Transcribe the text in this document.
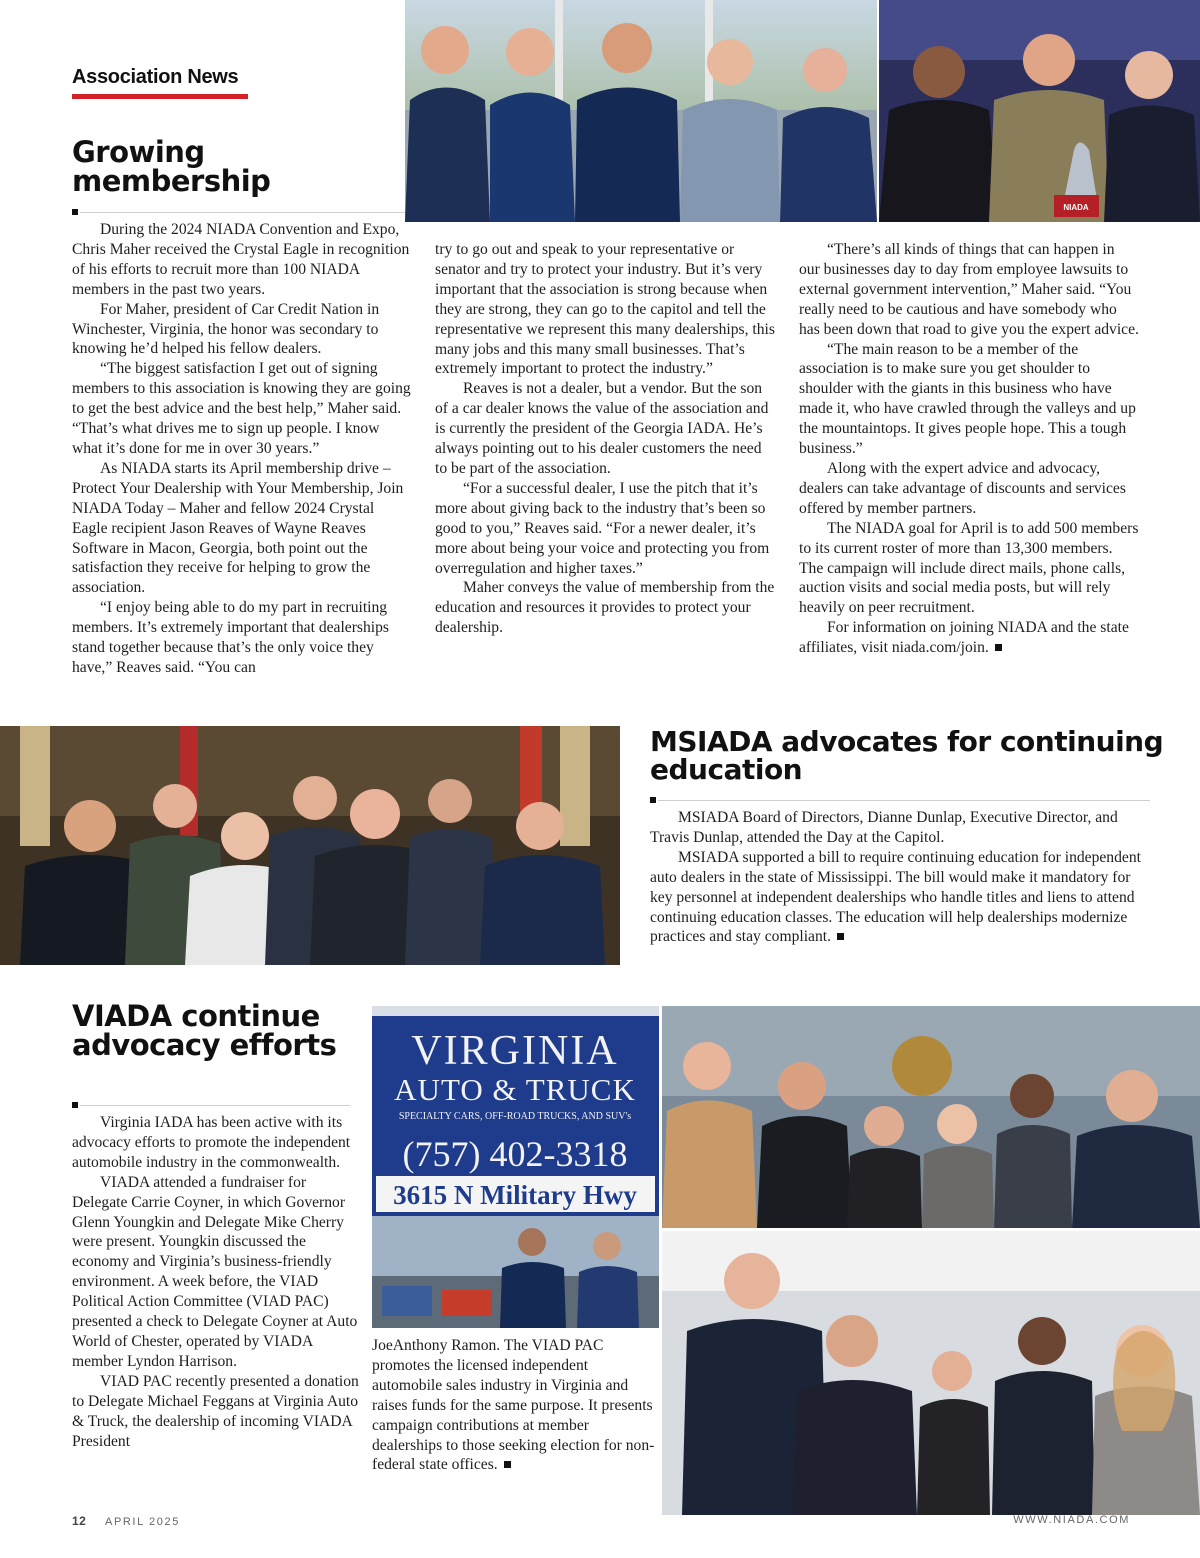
Association News
NIADA
Growing membership

During the 2024 NIADA Convention and Expo, Chris Maher received the Crystal Eagle in recognition of his efforts to recruit more than 100 NIADA members in the past two years.

For Maher, president of Car Credit Nation in Winchester, Virginia, the honor was secondary to knowing he’d helped his fellow dealers.

“The biggest satisfaction I get out of signing members to this association is knowing they are going to get the best advice and the best help,” Maher said. “That’s what drives me to sign up people. I know what it’s done for me in over 30 years.”

As NIADA starts its April membership drive – Protect Your Dealership with Your Membership, Join NIADA Today – Maher and fellow 2024 Crystal Eagle recipient Jason Reaves of Wayne Reaves Software in Macon, Georgia, both point out the satisfaction they receive for helping to grow the association.

“I enjoy being able to do my part in recruiting members. It’s extremely important that dealerships stand together because that’s the only voice they have,” Reaves said. “You can

try to go out and speak to your representative or senator and try to protect your industry. But it’s very important that the association is strong because when they are strong, they can go to the capitol and tell the representative we represent this many dealerships, this many jobs and this many small businesses. That’s extremely important to protect the industry.”

Reaves is not a dealer, but a vendor. But the son of a car dealer knows the value of the association and is currently the president of the Georgia IADA. He’s always pointing out to his dealer customers the need to be part of the association.

“For a successful dealer, I use the pitch that it’s more about giving back to the industry that’s been so good to you,” Reaves said. “For a newer dealer, it’s more about being your voice and protecting you from overregulation and higher taxes.”

Maher conveys the value of membership from the education and resources it provides to protect your dealership.

“There’s all kinds of things that can happen in our businesses day to day from employee lawsuits to external government intervention,” Maher said. “You really need to be cautious and have somebody who has been down that road to give you the expert advice.

“The main reason to be a member of the association is to make sure you get shoulder to shoulder with the giants in this business who have made it, who have crawled through the valleys and up the mountaintops. It gives people hope. This a tough business.”

Along with the expert advice and advocacy, dealers can take advantage of discounts and services offered by member partners.

The NIADA goal for April is to add 500 members to its current roster of more than 13,300 members. The campaign will include direct mails, phone calls, auction visits and social media posts, but will rely heavily on peer recruitment.

For information on joining NIADA and the state affiliates, visit niada.com/join.

MSIADA advocates for continuing education

MSIADA Board of Directors, Dianne Dunlap, Executive Director, and Travis Dunlap, attended the Day at the Capitol.

MSIADA supported a bill to require continuing education for independent auto dealers in the state of Mississippi. The bill would make it mandatory for key personnel at independent dealerships who handle titles and liens to attend continuing education classes. The education will help dealerships modernize practices and stay compliant.

VIADA continue advocacy efforts

Virginia IADA has been active with its advocacy efforts to promote the independent automobile industry in the commonwealth.

VIADA attended a fundraiser for Delegate Carrie Coyner, in which Governor Glenn Youngkin and Delegate Mike Cherry were present. Youngkin discussed the economy and Virginia’s business-friendly environment. A week before, the VIAD Political Action Committee (VIAD PAC) presented a check to Delegate Coyner at Auto World of Chester, operated by VIADA member Lyndon Harrison.

VIAD PAC recently presented a donation to Delegate Michael Feggans at Virginia Auto & Truck, the dealership of incoming VIADA President

VIRGINIA
AUTO & TRUCK
SPECIALTY CARS, OFF-ROAD TRUCKS, AND SUV's
(757) 402-3318
3615 N Military Hwy

JoeAnthony Ramon. The VIAD PAC promotes the licensed independent automobile sales industry in Virginia and raises funds for the same purpose. It presents campaign contributions at member dealerships to those seeking election for non-federal state offices.

12 APRIL 2025	WWW.NIADA.COM
